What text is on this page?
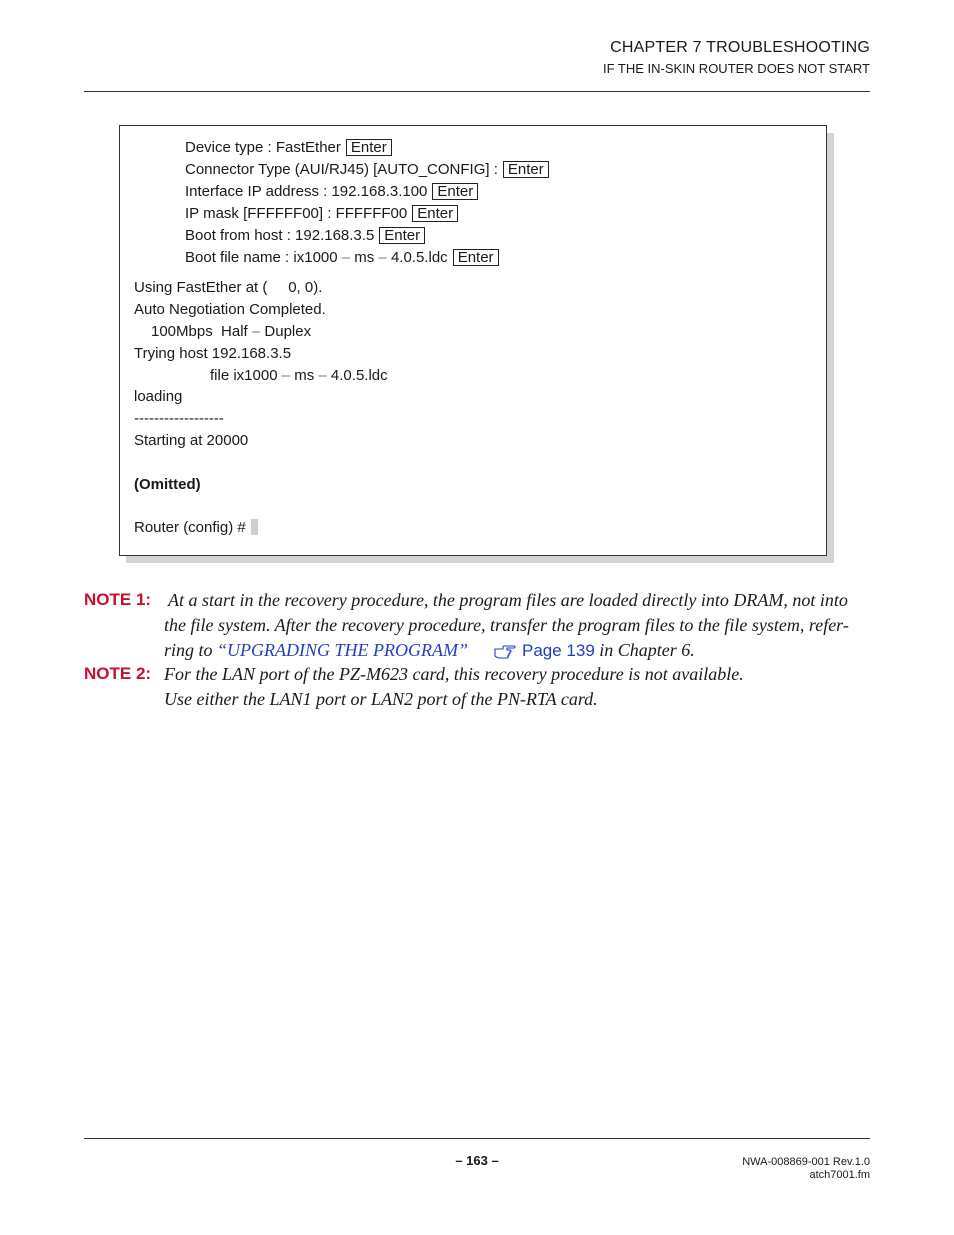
CHAPTER 7 TROUBLESHOOTING
IF THE IN-SKIN ROUTER DOES NOT START
Device type : FastEther Enter
Connector Type (AUI/RJ45) [AUTO_CONFIG] : Enter
Interface IP address : 192.168.3.100 Enter
IP mask [FFFFFF00] : FFFFFF00 Enter
Boot from host : 192.168.3.5 Enter
Boot file name : ix1000 – ms – 4.0.5.ldc Enter
Using FastEther at (     0, 0).
Auto Negotiation Completed.
100Mbps  Half – Duplex
Trying host 192.168.3.5
file ix1000 – ms – 4.0.5.ldc
loading
------------------
Starting at 20000
(Omitted)
Router (config) #
NOTE 1: At a start in the recovery procedure, the program files are loaded directly into DRAM, not into
the file system. After the recovery procedure, transfer the program files to the file system, refer-
ring to “UPGRADING THE PROGRAM”	Page 139 in Chapter 6.
NOTE 2: For the LAN port of the PZ-M623 card, this recovery procedure is not available.
Use either the LAN1 port or LAN2 port of the PN-RTA card.
– 163 –	NWA-008869-001 Rev.1.0
atch7001.fm
